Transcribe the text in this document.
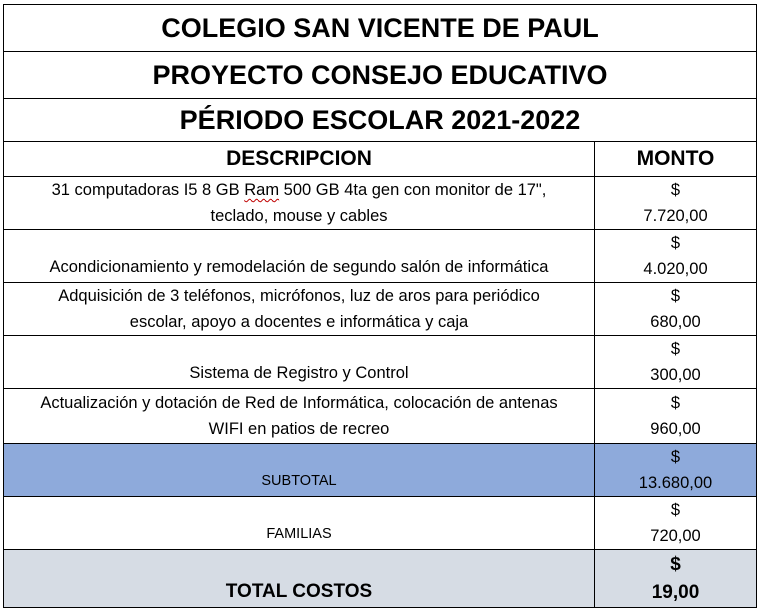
COLEGIO SAN VICENTE DE PAUL	
PROYECTO CONSEJO EDUCATIVO	
PÉRIODO ESCOLAR 2021-2022	
DESCRIPCION	MONTO
31 computadoras I5 8 GB Ram 500 GB 4ta gen con monitor de 17",
teclado, mouse y cables	$
7.720,00

Acondicionamiento y remodelación de segundo salón de informática	$
4.020,00

Adquisición de 3 teléfonos, micrófonos, luz de aros para periódico
escolar, apoyo a docentes e informática y caja	$
680,00

Sistema de Registro y Control	$
300,00

Actualización y dotación de Red de Informática, colocación de antenas
WIFI en patios de recreo	$
960,00

SUBTOTAL	$
13.680,00

FAMILIAS	$
720,00

TOTAL COSTOS	$
19,00
